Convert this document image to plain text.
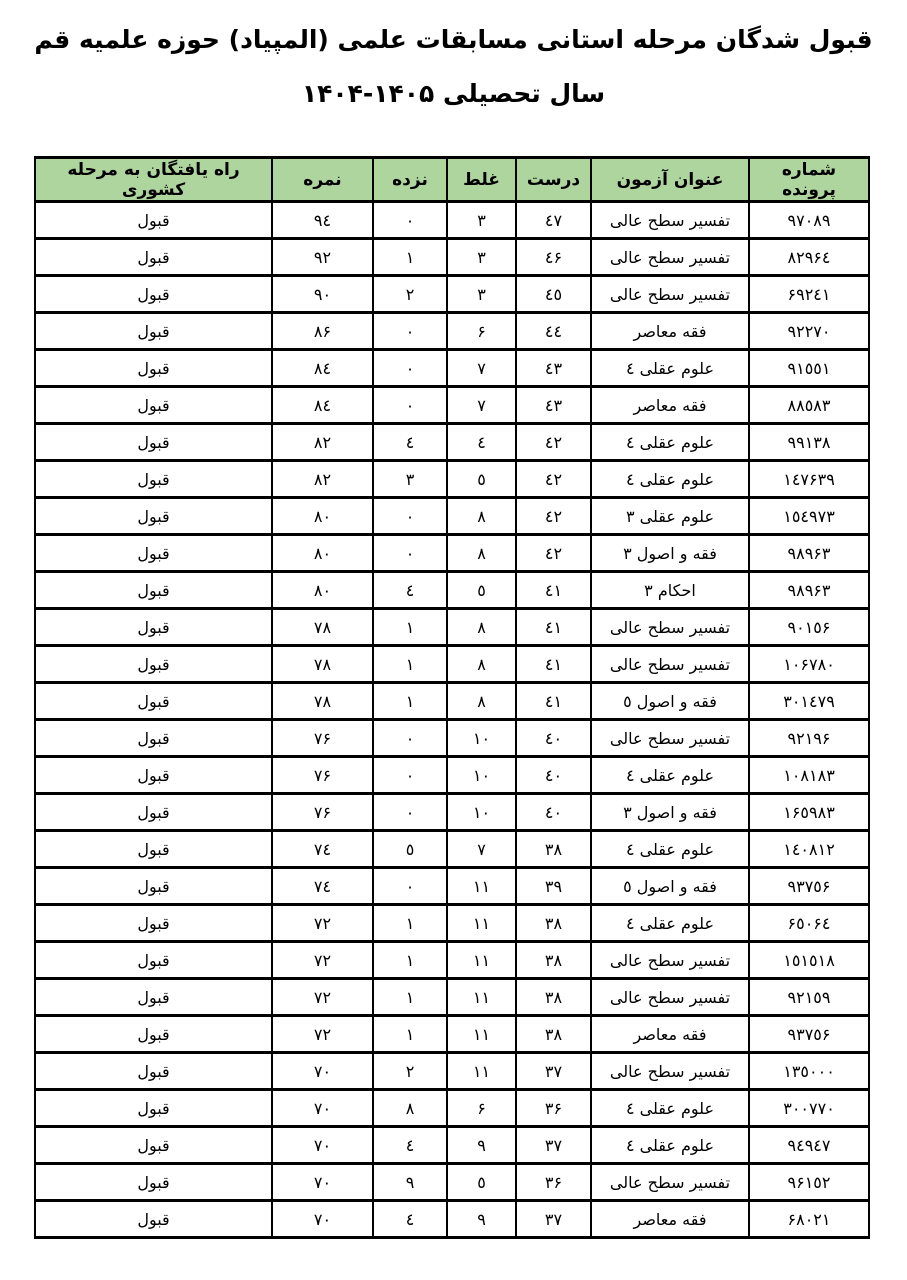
قبول شدگان مرحله استانی مسابقات علمی (المپیاد) حوزه علمیه قم
سال تحصیلی ۱۴۰۴-۱۴۰۵
شماره پرونده	عنوان آزمون	درست	غلط	نزده	نمره	راه یافتگان به مرحله کشوری
٩٧٠٨٩	تفسیر سطح عالی	٤٧	٣	٠	٩٤	قبول
٨٢٩۶٤	تفسیر سطح عالی	٤۶	٣	١	٩٢	قبول
۶٩٢٤١	تفسیر سطح عالی	٤٥	٣	٢	٩٠	قبول
٩٢٢٧٠	فقه معاصر	٤٤	۶	٠	٨۶	قبول
٩١٥٥١	علوم عقلی ٤	٤٣	٧	٠	٨٤	قبول
٨٨٥٨٣	فقه معاصر	٤٣	٧	٠	٨٤	قبول
٩٩١٣٨	علوم عقلی ٤	٤٢	٤	٤	٨٢	قبول
١٤٧۶٣٩	علوم عقلی ٤	٤٢	٥	٣	٨٢	قبول
١٥٤٩٧٣	علوم عقلی ٣	٤٢	٨	٠	٨٠	قبول
٩٨٩۶٣	فقه و اصول ٣	٤٢	٨	٠	٨٠	قبول
٩٨٩۶٣	احکام ٣	٤١	٥	٤	٨٠	قبول
٩٠١٥۶	تفسیر سطح عالی	٤١	٨	١	٧٨	قبول
١٠۶٧٨٠	تفسیر سطح عالی	٤١	٨	١	٧٨	قبول
٣٠١٤٧٩	فقه و اصول ٥	٤١	٨	١	٧٨	قبول
٩٢١٩۶	تفسیر سطح عالی	٤٠	١٠	٠	٧۶	قبول
١٠٨١٨٣	علوم عقلی ٤	٤٠	١٠	٠	٧۶	قبول
١۶٥٩٨٣	فقه و اصول ٣	٤٠	١٠	٠	٧۶	قبول
١٤٠٨١٢	علوم عقلی ٤	٣٨	٧	٥	٧٤	قبول
٩٣٧٥۶	فقه و اصول ٥	٣٩	١١	٠	٧٤	قبول
۶٥٠۶٤	علوم عقلی ٤	٣٨	١١	١	٧٢	قبول
١٥١٥١٨	تفسیر سطح عالی	٣٨	١١	١	٧٢	قبول
٩٢١٥٩	تفسیر سطح عالی	٣٨	١١	١	٧٢	قبول
٩٣٧٥۶	فقه معاصر	٣٨	١١	١	٧٢	قبول
١٣٥٠٠٠	تفسیر سطح عالی	٣٧	١١	٢	٧٠	قبول
٣٠٠٧٧٠	علوم عقلی ٤	٣۶	۶	٨	٧٠	قبول
٩٤٩٤٧	علوم عقلی ٤	٣٧	٩	٤	٧٠	قبول
٩۶١٥٢	تفسیر سطح عالی	٣۶	٥	٩	٧٠	قبول
۶٨٠٢١	فقه معاصر	٣٧	٩	٤	٧٠	قبول
